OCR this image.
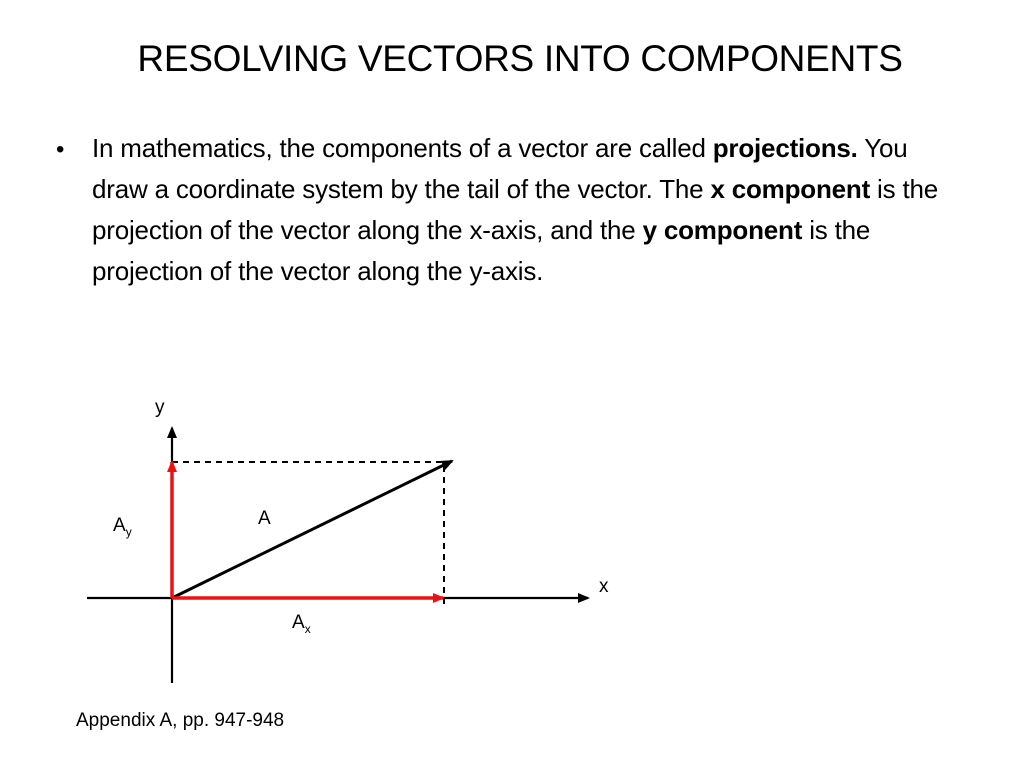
RESOLVING VECTORS INTO COMPONENTS
• In mathematics, the components of a vector are called projections. You draw a coordinate system by the tail of the vector. The x component is the projection of the vector along the x-axis, and the y component is the projection of the vector along the y-axis.
y
x
A
$A_x$
$A_y$
Appendix A, pp. 947-948
